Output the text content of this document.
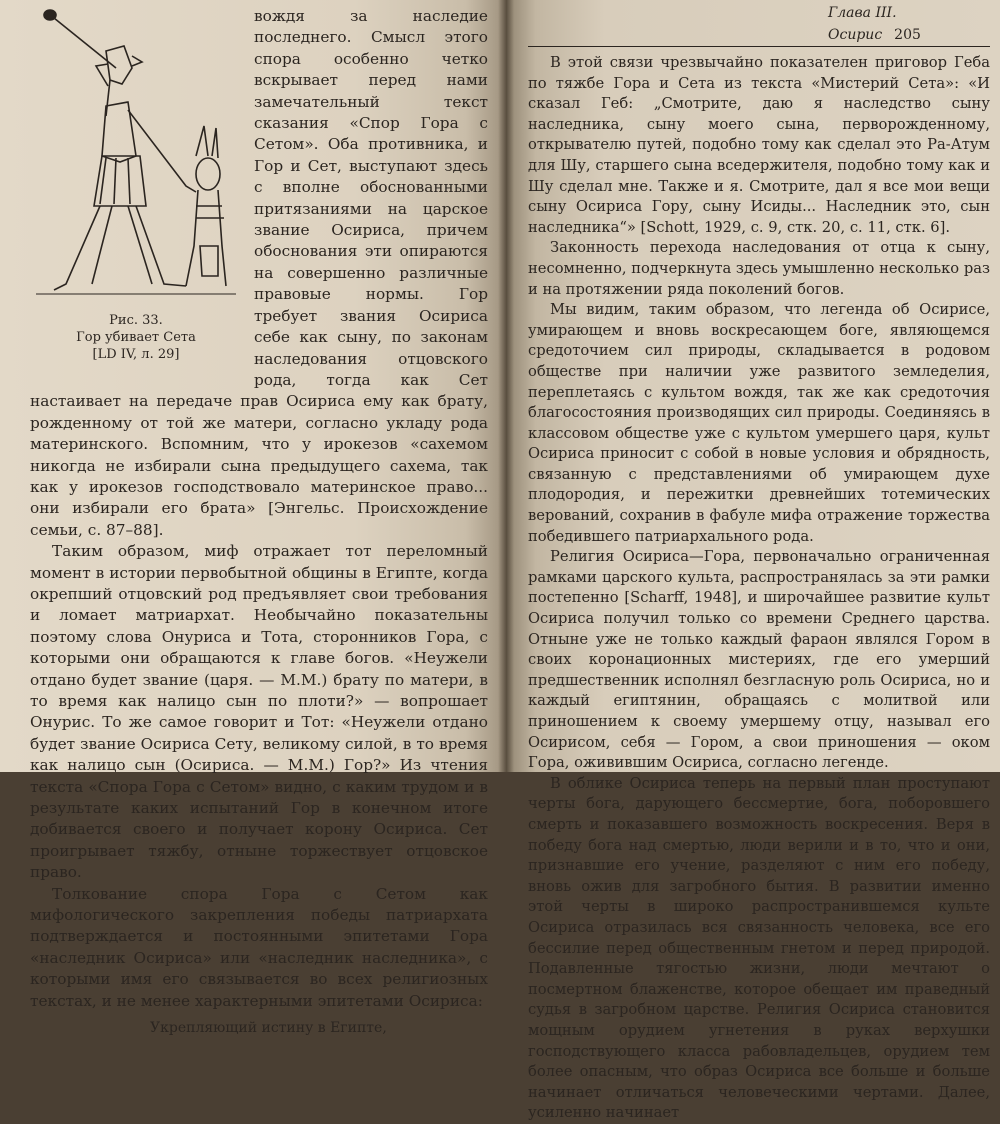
Рис. 33.
Гор убивает Сета
[LD IV, л. 29]

вождя за наследие последнего. Смысл этого спора особенно четко вскрывает перед нами замечательный текст сказания «Спор Гора с Сетом». Оба противника, и Гор и Сет, выступают здесь с вполне обоснованными притязаниями на царское звание Осириса, причем обоснования эти опираются на совершенно различные правовые нормы. Гор требует звания Осириса себе как сыну, по законам наследования отцовского рода, тогда как Сет настаивает на передаче прав Осириса ему как брату, рожденному от той же матери, согласно укладу рода материнского. Вспомним, что у ирокезов «сахемом никогда не избирали сына предыдущего сахема, так как у ирокезов господствовало материнское право... они избирали его брата» [Энгельс. Происхождение семьи, с. 87–88].

Таким образом, миф отражает тот переломный момент в истории первобытной общины в Египте, когда окрепший отцовский род предъявляет свои требования и ломает матриархат. Необычайно показательны поэтому слова Онуриса и Тота, сторонников Гора, с которыми они обращаются к главе богов. «Неужели отдано будет звание (царя. — М.М.) брату по матери, в то время как налицо сын по плоти?» — вопрошает Онурис. То же самое говорит и Тот: «Неужели отдано будет звание Осириса Сету, великому силой, в то время как налицо сын (Осириса. — М.М.) Гор?» Из чтения текста «Спора Гора с Сетом» видно, с каким трудом и в результате каких испытаний Гор в конечном итоге добивается своего и получает корону Осириса. Сет проигрывает тяжбу, отныне торжествует отцовское право.

Толкование спора Гора с Сетом как мифологического закрепления победы патриархата подтверждается и постоянными эпитетами Гора «наследник Осириса» или «наследник наследника», с которыми имя его связывается во всех религиозных текстах, и не менее характерными эпитетами Осириса:

Укрепляющий истину в Египте,

Глава III. Осирис 205

В этой связи чрезвычайно показателен приговор Геба по тяжбе Гора и Сета из текста «Мистерий Сета»: «И сказал Геб: „Смотрите, даю я наследство сыну наследника, сыну моего сына, перворожденному, открывателю путей, подобно тому как сделал это Ра-Атум для Шу, старшего сына вседержителя, подобно тому как и Шу сделал мне. Также и я. Смотрите, дал я все мои вещи сыну Осириса Гору, сыну Исиды... Наследник это, сын наследника“» [Schott, 1929, с. 9, стк. 20, с. 11, стк. 6].

Законность перехода наследования от отца к сыну, несомненно, подчеркнута здесь умышленно несколько раз и на протяжении ряда поколений богов.

Мы видим, таким образом, что легенда об Осирисе, умирающем и вновь воскресающем боге, являющемся средоточием сил природы, складывается в родовом обществе при наличии уже развитого земледелия, переплетаясь с культом вождя, так же как средоточия благосостояния производящих сил природы. Соединяясь в классовом обществе уже с культом умершего царя, культ Осириса приносит с собой в новые условия и обрядность, связанную с представлениями об умирающем духе плодородия, и пережитки древнейших тотемических верований, сохранив в фабуле мифа отражение торжества победившего патриархального рода.

Религия Осириса—Гора, первоначально ограниченная рамками царского культа, распространялась за эти рамки постепенно [Scharff, 1948], и широчайшее развитие культ Осириса получил только со времени Среднего царства. Отныне уже не только каждый фараон являлся Гором в своих коронационных мистериях, где его умерший предшественник исполнял безгласную роль Осириса, но и каждый египтянин, обращаясь с молитвой или приношением к своему умершему отцу, называл его Осирисом, себя — Гором, а свои приношения — оком Гора, оживившим Осириса, согласно легенде.

В облике Осириса теперь на первый план проступают черты бога, дарующего бессмертие, бога, поборовшего смерть и показавшего возможность воскресения. Веря в победу бога над смертью, люди верили и в то, что и они, признавшие его учение, разделяют с ним его победу, вновь ожив для загробного бытия. В развитии именно этой черты в широко распространившемся культе Осириса отразилась вся связанность человека, все его бессилие перед общественным гнетом и перед природой. Подавленные тягостью жизни, люди мечтают о посмертном блаженстве, которое обещает им праведный судья в загробном царстве. Религия Осириса становится мощным орудием угнетения в руках верхушки господствующего класса рабовладельцев, орудием тем более опасным, что образ Осириса все больше и больше начинает отличаться человеческими чертами. Далее, усиленно начинает
